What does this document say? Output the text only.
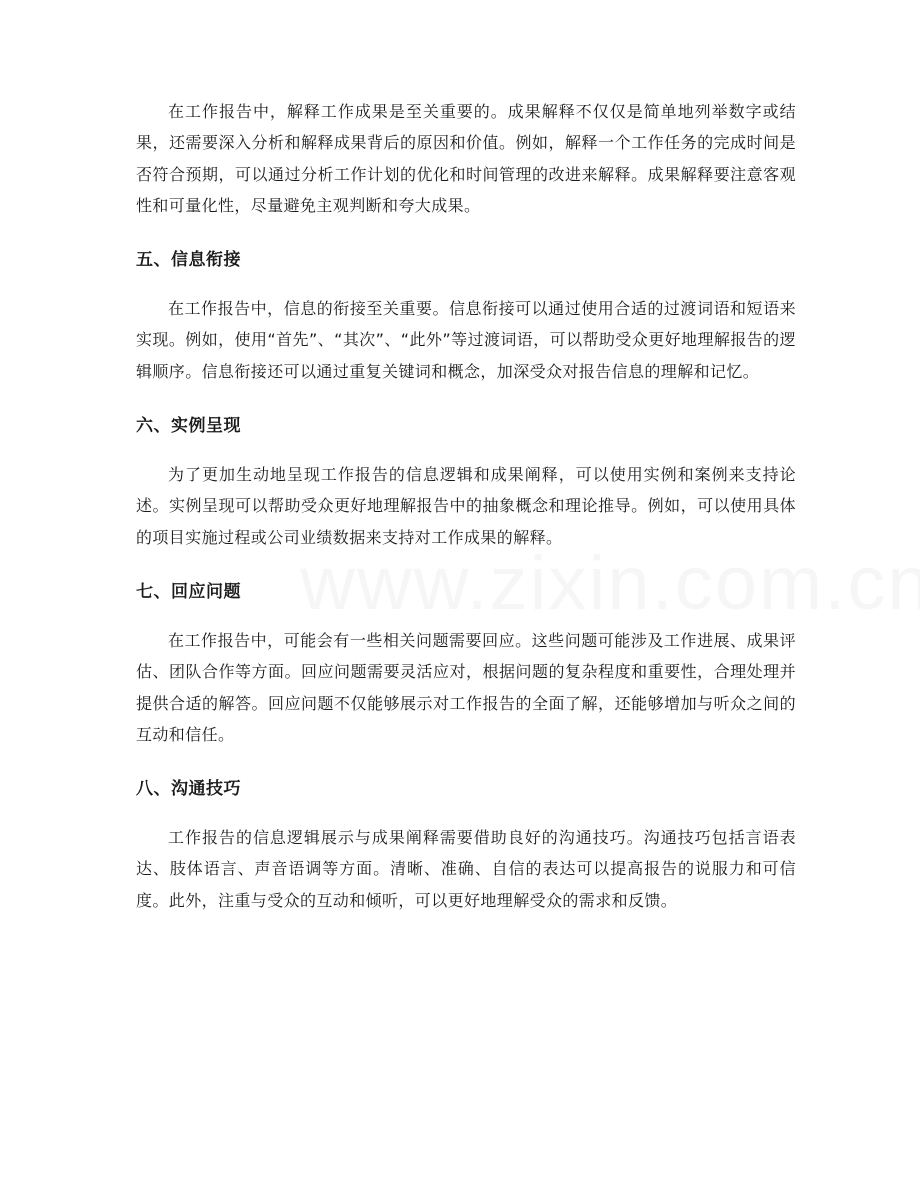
在工作报告中，解释工作成果是至关重要的。成果解释不仅仅是简单地列举数字或结果，还需要深入分析和解释成果背后的原因和价值。例如，解释一个工作任务的完成时间是否符合预期，可以通过分析工作计划的优化和时间管理的改进来解释。成果解释要注意客观性和可量化性，尽量避免主观判断和夸大成果。

五、信息衔接

在工作报告中，信息的衔接至关重要。信息衔接可以通过使用合适的过渡词语和短语来实现。例如，使用“首先”、“其次”、“此外”等过渡词语，可以帮助受众更好地理解报告的逻辑顺序。信息衔接还可以通过重复关键词和概念，加深受众对报告信息的理解和记忆。

六、实例呈现

为了更加生动地呈现工作报告的信息逻辑和成果阐释，可以使用实例和案例来支持论述。实例呈现可以帮助受众更好地理解报告中的抽象概念和理论推导。例如，可以使用具体的项目实施过程或公司业绩数据来支持对工作成果的解释。

七、回应问题

在工作报告中，可能会有一些相关问题需要回应。这些问题可能涉及工作进展、成果评估、团队合作等方面。回应问题需要灵活应对，根据问题的复杂程度和重要性，合理处理并提供合适的解答。回应问题不仅能够展示对工作报告的全面了解，还能够增加与听众之间的互动和信任。

八、沟通技巧

工作报告的信息逻辑展示与成果阐释需要借助良好的沟通技巧。沟通技巧包括言语表达、肢体语言、声音语调等方面。清晰、准确、自信的表达可以提高报告的说服力和可信度。此外，注重与受众的互动和倾听，可以更好地理解受众的需求和反馈。
